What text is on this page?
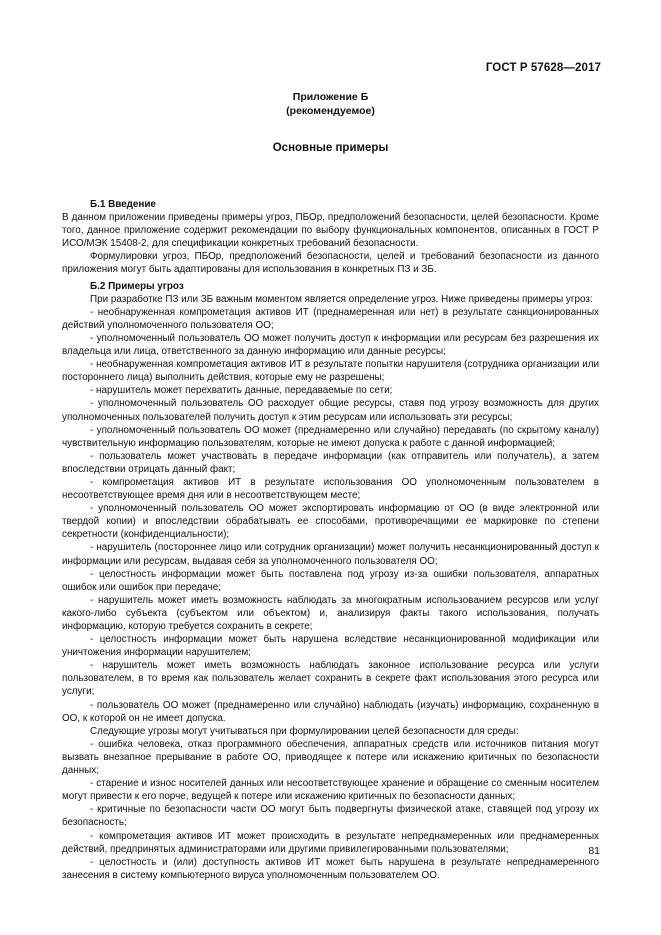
ГОСТ Р 57628—2017
Приложение Б
(рекомендуемое)
Основные примеры

Б.1 Введение

В данном приложении приведены примеры угроз, ПБОр, предположений безопасности, целей безопасности. Кроме того, данное приложение содержит рекомендации по выбору функциональных компонентов, описанных в ГОСТ Р ИСО/МЭК 15408-2, для спецификации конкретных требований безопасности.

Формулировки угроз, ПБОр, предположений безопасности, целей и требований безопасности из данного приложения могут быть адаптированы для использования в конкретных ПЗ и ЗБ.

Б.2 Примеры угроз

При разработке ПЗ или ЗБ важным моментом является определение угроз. Ниже приведены примеры угроз:

- необнаруженная компрометация активов ИТ (преднамеренная или нет) в результате санкционированных действий уполномоченного пользователя ОО;

- уполномоченный пользователь ОО может получить доступ к информации или ресурсам без разрешения их владельца или лица, ответственного за данную информацию или данные ресурсы;

- необнаруженная компрометация активов ИТ в результате попытки нарушителя (сотрудника организации или постороннего лица) выполнить действия, которые ему не разрешены;

- нарушитель может перехватить данные, передаваемые по сети;

- уполномоченный пользователь ОО расходует общие ресурсы, ставя под угрозу возможность для других уполномоченных пользователей получить доступ к этим ресурсам или использовать эти ресурсы;

- уполномоченный пользователь ОО может (преднамеренно или случайно) передавать (по скрытому каналу) чувствительную информацию пользователям, которые не имеют допуска к работе с данной информацией;

- пользователь может участвовать в передаче информации (как отправитель или получатель), а затем впоследствии отрицать данный факт;

- компрометация активов ИТ в результате использования ОО уполномоченным пользователем в несоответствующее время дня или в несоответствующем месте;

- уполномоченный пользователь ОО может экспортировать информацию от ОО (в виде электронной или твердой копии) и впоследствии обрабатывать ее способами, противоречащими ее маркировке по степени секретности (конфиденциальности);

- нарушитель (постороннее лицо или сотрудник организации) может получить несанкционированный доступ к информации или ресурсам, выдавая себя за уполномоченного пользователя ОО;

- целостность информации может быть поставлена под угрозу из-за ошибки пользователя, аппаратных ошибок или ошибок при передаче;

- нарушитель может иметь возможность наблюдать за многократным использованием ресурсов или услуг какого-либо субъекта (субъектом или объектом) и, анализируя факты такого использования, получать информацию, которую требуется сохранить в секрете;

- целостность информации может быть нарушена вследствие несанкционированной модификации или уничтожения информации нарушителем;

- нарушитель может иметь возможность наблюдать законное использование ресурса или услуги пользователем, в то время как пользователь желает сохранить в секрете факт использования этого ресурса или услуги;

- пользователь ОО может (преднамеренно или случайно) наблюдать (изучать) информацию, сохраненную в ОО, к которой он не имеет допуска.

Следующие угрозы могут учитываться при формулировании целей безопасности для среды:

- ошибка человека, отказ программного обеспечения, аппаратных средств или источников питания могут вызвать внезапное прерывание в работе ОО, приводящее к потере или искажению критичных по безопасности данных;

- старение и износ носителей данных или несоответствующее хранение и обращение со сменным носителем могут привести к его порче, ведущей к потере или искажению критичных по безопасности данных;

- критичные по безопасности части ОО могут быть подвергнуты физической атаке, ставящей под угрозу их безопасность;

- компрометация активов ИТ может происходить в результате непреднамеренных или преднамеренных действий, предпринятых администраторами или другими привилегированными пользователями;

- целостность и (или) доступность активов ИТ может быть нарушена в результате непреднамеренного занесения в систему компьютерного вируса уполномоченным пользователем ОО.

81
